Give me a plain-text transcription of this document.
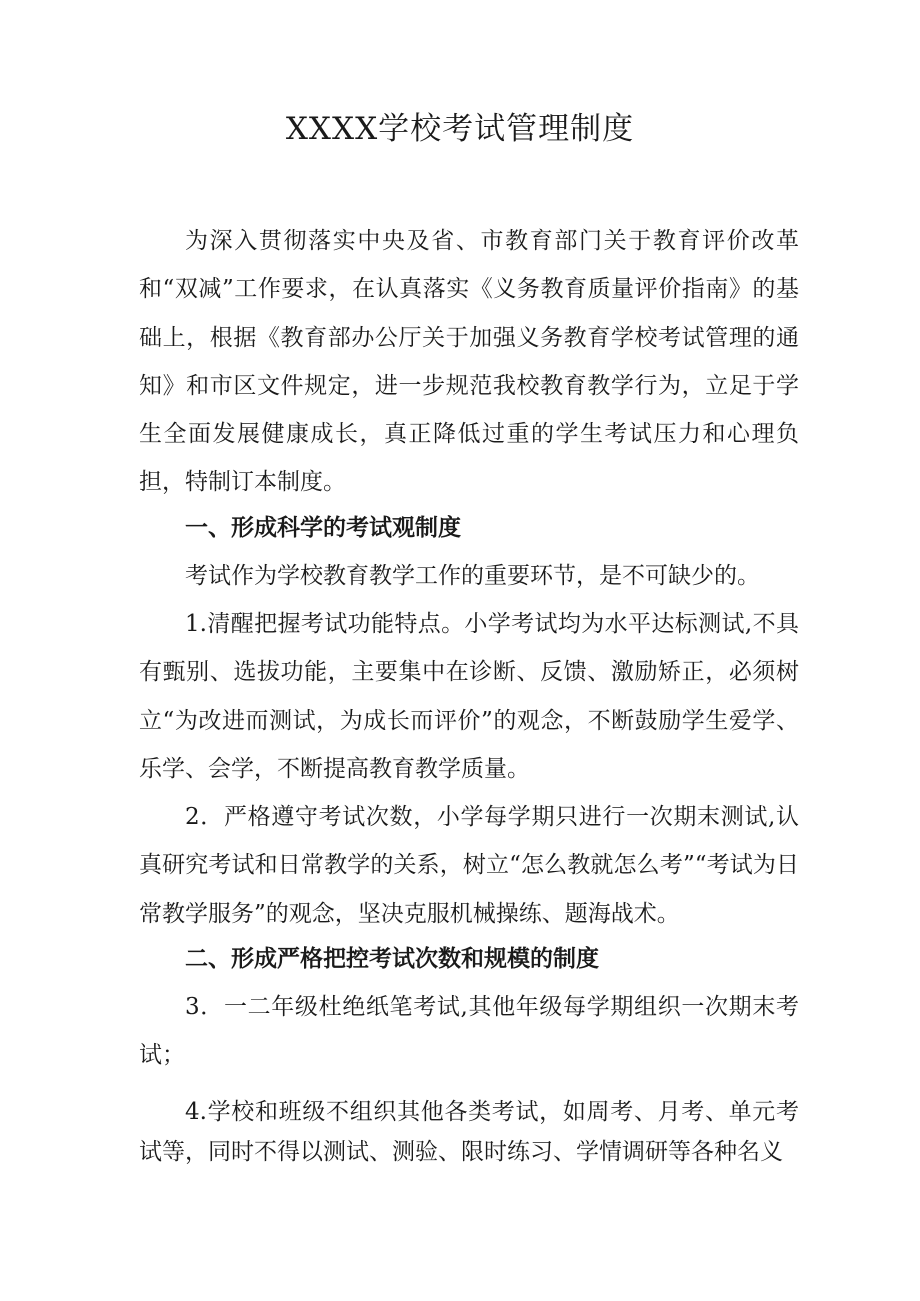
XXXX学校考试管理制度

为深入贯彻落实中央及省、市教育部门关于教育评价改革和“双减”工作要求，在认真落实《义务教育质量评价指南》的基础上，根据《教育部办公厅关于加强义务教育学校考试管理的通知》和市区文件规定，进一步规范我校教育教学行为，立足于学生全面发展健康成长，真正降低过重的学生考试压力和心理负担，特制订本制度。

一、形成科学的考试观制度

考试作为学校教育教学工作的重要环节，是不可缺少的。

1.清醒把握考试功能特点。小学考试均为水平达标测试,不具有甄别、选拔功能，主要集中在诊断、反馈、激励矫正，必须树立“为改进而测试，为成长而评价”的观念，不断鼓励学生爱学、乐学、会学，不断提高教育教学质量。

2．严格遵守考试次数，小学每学期只进行一次期末测试,认真研究考试和日常教学的关系，树立“怎么教就怎么考”“考试为日常教学服务”的观念，坚决克服机械操练、题海战术。

二、形成严格把控考试次数和规模的制度

3．一二年级杜绝纸笔考试,其他年级每学期组织一次期末考试；

4.学校和班级不组织其他各类考试，如周考、月考、单元考试等，同时不得以测试、测验、限时练习、学情调研等各种名义
